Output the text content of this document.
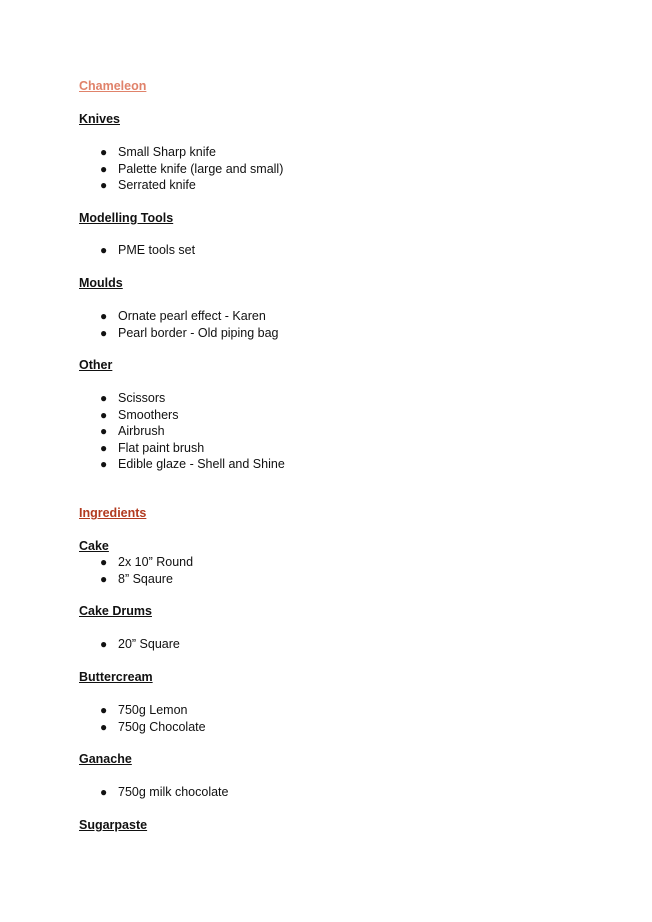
Chameleon
Knives
● Small Sharp knife
● Palette knife (large and small)
● Serrated knife
Modelling Tools
● PME tools set
Moulds
● Ornate pearl effect - Karen
● Pearl border - Old piping bag
Other
● Scissors
● Smoothers
● Airbrush
● Flat paint brush
● Edible glaze - Shell and Shine
Ingredients
Cake
● 2x 10” Round
● 8” Sqaure
Cake Drums
● 20” Square
Buttercream
● 750g Lemon
● 750g Chocolate
Ganache
● 750g milk chocolate
Sugarpaste
